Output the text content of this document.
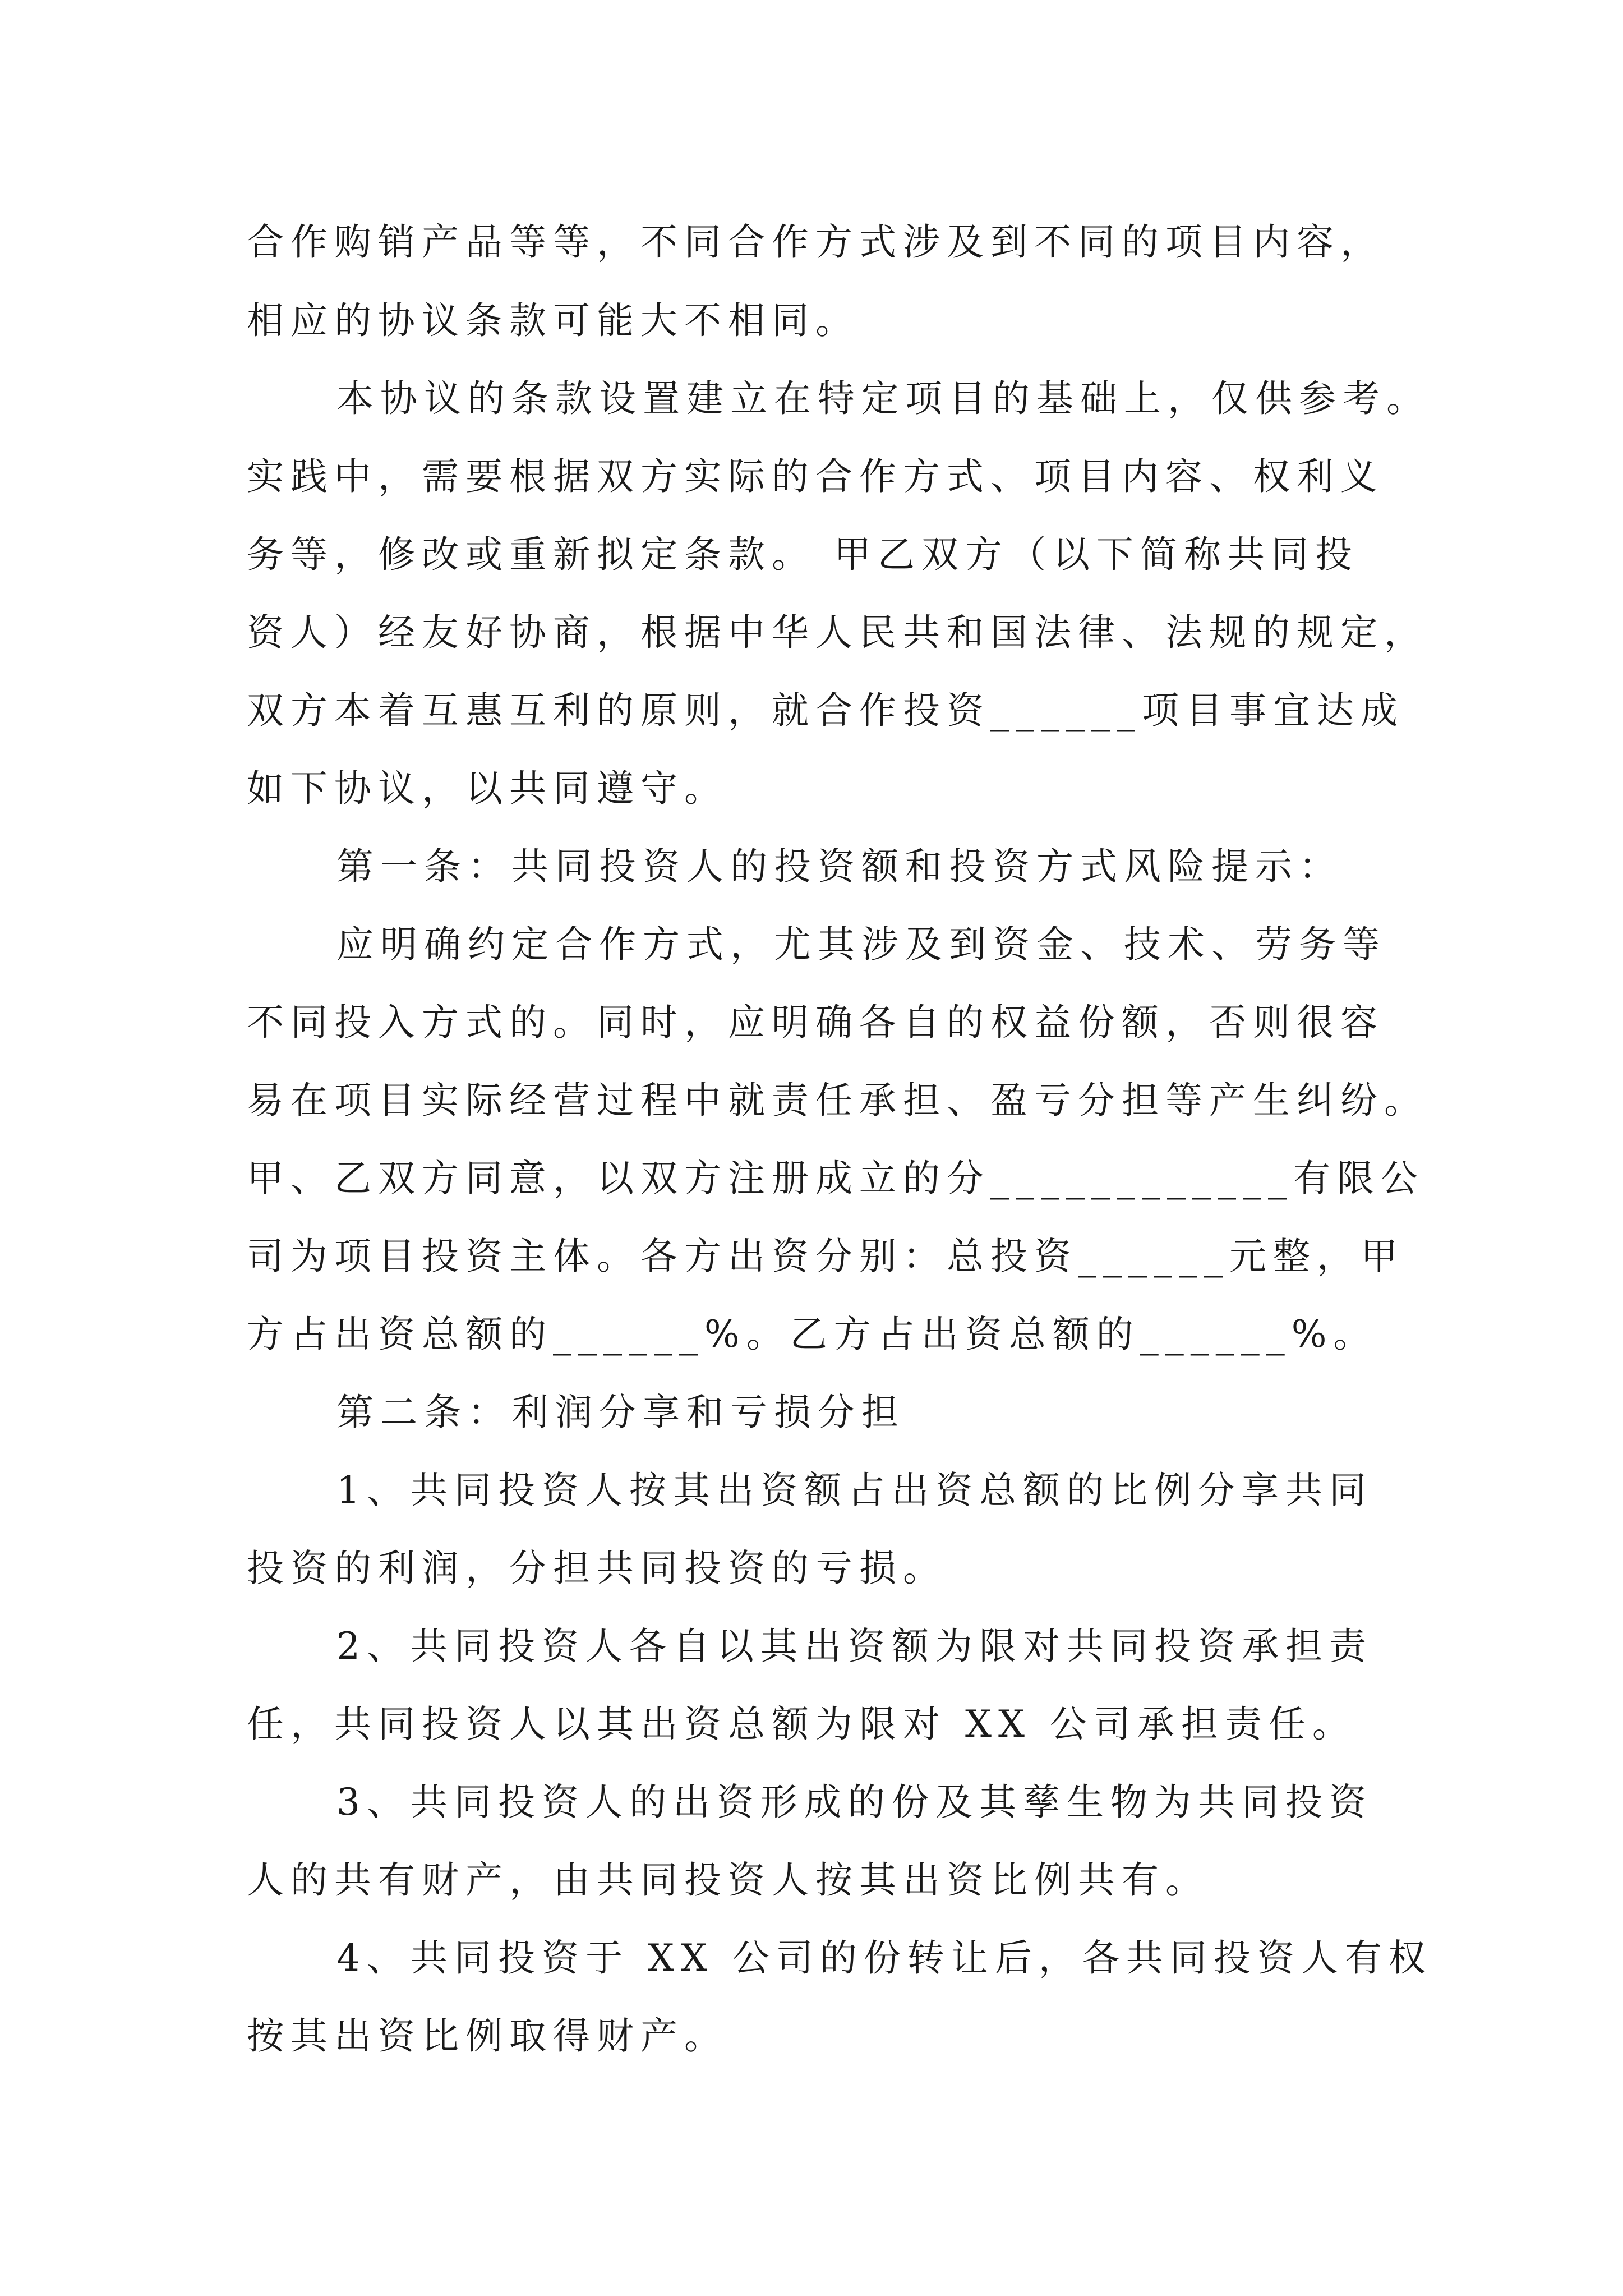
合作购销产品等等，不同合作方式涉及到不同的项目内容，
相应的协议条款可能大不相同。
本协议的条款设置建立在特定项目的基础上，仅供参考。
实践中，需要根据双方实际的合作方式、项目内容、权利义
务等，修改或重新拟定条款。 甲乙双方（以下简称共同投
资人）经友好协商，根据中华人民共和国法律、法规的规定，
双方本着互惠互利的原则，就合作投资______项目事宜达成
如下协议，以共同遵守。
第一条：共同投资人的投资额和投资方式风险提示：
应明确约定合作方式，尤其涉及到资金、技术、劳务等
不同投入方式的。同时，应明确各自的权益份额，否则很容
易在项目实际经营过程中就责任承担、盈亏分担等产生纠纷。
甲、乙双方同意，以双方注册成立的分____________有限公
司为项目投资主体。各方出资分别：总投资______元整，甲
方占出资总额的______%。乙方占出资总额的______%。
第二条：利润分享和亏损分担
1、共同投资人按其出资额占出资总额的比例分享共同
投资的利润，分担共同投资的亏损。
2、共同投资人各自以其出资额为限对共同投资承担责
任，共同投资人以其出资总额为限对 XX 公司承担责任。
3、共同投资人的出资形成的份及其孳生物为共同投资
人的共有财产，由共同投资人按其出资比例共有。
4、共同投资于 XX 公司的份转让后，各共同投资人有权
按其出资比例取得财产。
